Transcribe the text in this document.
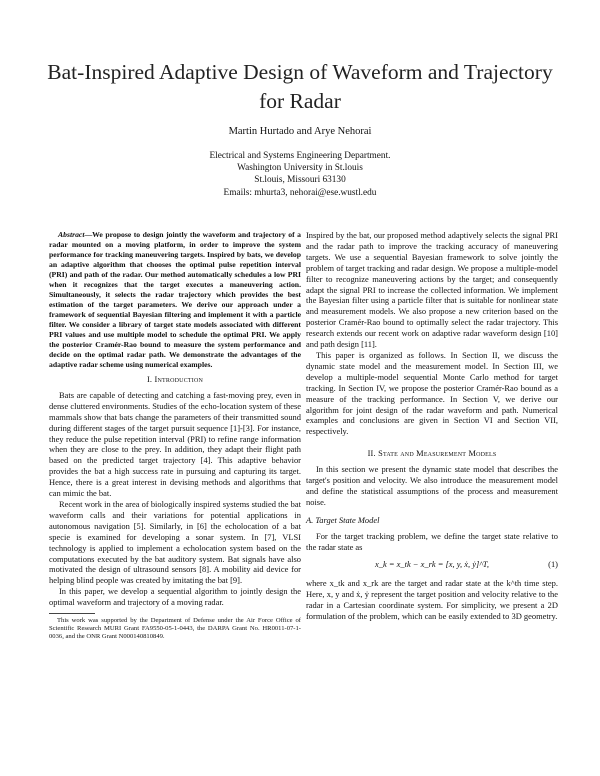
Bat-Inspired Adaptive Design of Waveform and Trajectory for Radar
Martin Hurtado and Arye Nehorai
Electrical and Systems Engineering Department.
Washington University in St.louis
St.louis, Missouri 63130
Emails: mhurta3, nehorai@ese.wustl.edu

Abstract—We propose to design jointly the waveform and trajectory of a radar mounted on a moving platform, in order to improve the system performance for tracking maneuvering targets. Inspired by bats, we develop an adaptive algorithm that chooses the optimal pulse repetition interval (PRI) and path of the radar. Our method automatically schedules a low PRI when it recognizes that the target executes a maneuvering action. Simultaneously, it selects the radar trajectory which provides the best estimation of the target parameters. We derive our approach under a framework of sequential Bayesian filtering and implement it with a particle filter. We consider a library of target state models associated with different PRI values and use multiple model to schedule the optimal PRI. We apply the posterior Cramér-Rao bound to measure the system performance and decide on the optimal radar path. We demonstrate the advantages of the adaptive radar scheme using numerical examples.

I. Introduction

Bats are capable of detecting and catching a fast-moving prey, even in dense cluttered environments. Studies of the echo-location system of these mammals show that bats change the parameters of their transmitted sound during different stages of the target pursuit sequence [1]-[3]. For instance, they reduce the pulse repetition interval (PRI) to refine range information when they are close to the prey. In addition, they adapt their flight path based on the predicted target trajectory [4]. This adaptive behavior provides the bat a high success rate in pursuing and capturing its target. Hence, there is a great interest in devising methods and algorithms that can mimic the bat.

Recent work in the area of biologically inspired systems studied the bat waveform calls and their variations for potential applications in autonomous navigation [5]. Similarly, in [6] the echolocation of a bat specie is examined for developing a sonar system. In [7], VLSI technology is applied to implement a echolocation system based on the computations executed by the bat auditory system. Bat signals have also motivated the design of ultrasound sensors [8]. A mobility aid device for helping blind people was created by imitating the bat [9].

In this paper, we develop a sequential algorithm to jointly design the optimal waveform and trajectory of a moving radar.

This work was supported by the Department of Defense under the Air Force Office of Scientific Research MURI Grant FA9550-05-1-0443, the DARPA Grant No. HR0011-07-1-0036, and the ONR Grant N000140810849.

Inspired by the bat, our proposed method adaptively selects the signal PRI and the radar path to improve the tracking accuracy of maneuvering targets. We use a sequential Bayesian framework to solve jointly the problem of target tracking and radar design. We propose a multiple-model filter to recognize maneuvering actions by the target; and consequently adapt the signal PRI to increase the collected information. We implement the Bayesian filter using a particle filter that is suitable for nonlinear state and measurement models. We also propose a new criterion based on the posterior Cramér-Rao bound to optimally select the radar trajectory. This research extends our recent work on adaptive radar waveform design [10] and path design [11].

This paper is organized as follows. In Section II, we discuss the dynamic state model and the measurement model. In Section III, we develop a multiple-model sequential Monte Carlo method for target tracking. In Section IV, we propose the posterior Cramér-Rao bound as a measure of the tracking performance. In Section V, we derive our algorithm for joint design of the radar waveform and path. Numerical examples and conclusions are given in Section VI and Section VII, respectively.

II. State and Measurement Models

In this section we present the dynamic state model that describes the target's position and velocity. We also introduce the measurement model and define the statistical assumptions of the process and measurement noise.

A. Target State Model

For the target tracking problem, we define the target state relative to the radar state as

x_k = x_tk − x_rk = [x, y, ẋ, ẏ]^T,	(1)

where x_tk and x_rk are the target and radar state at the k^th time step. Here, x, y and ẋ, ẏ represent the target position and velocity relative to the radar in a Cartesian coordinate system. For simplicity, we present a 2D formulation of the problem, which can be easily extended to 3D geometry.
